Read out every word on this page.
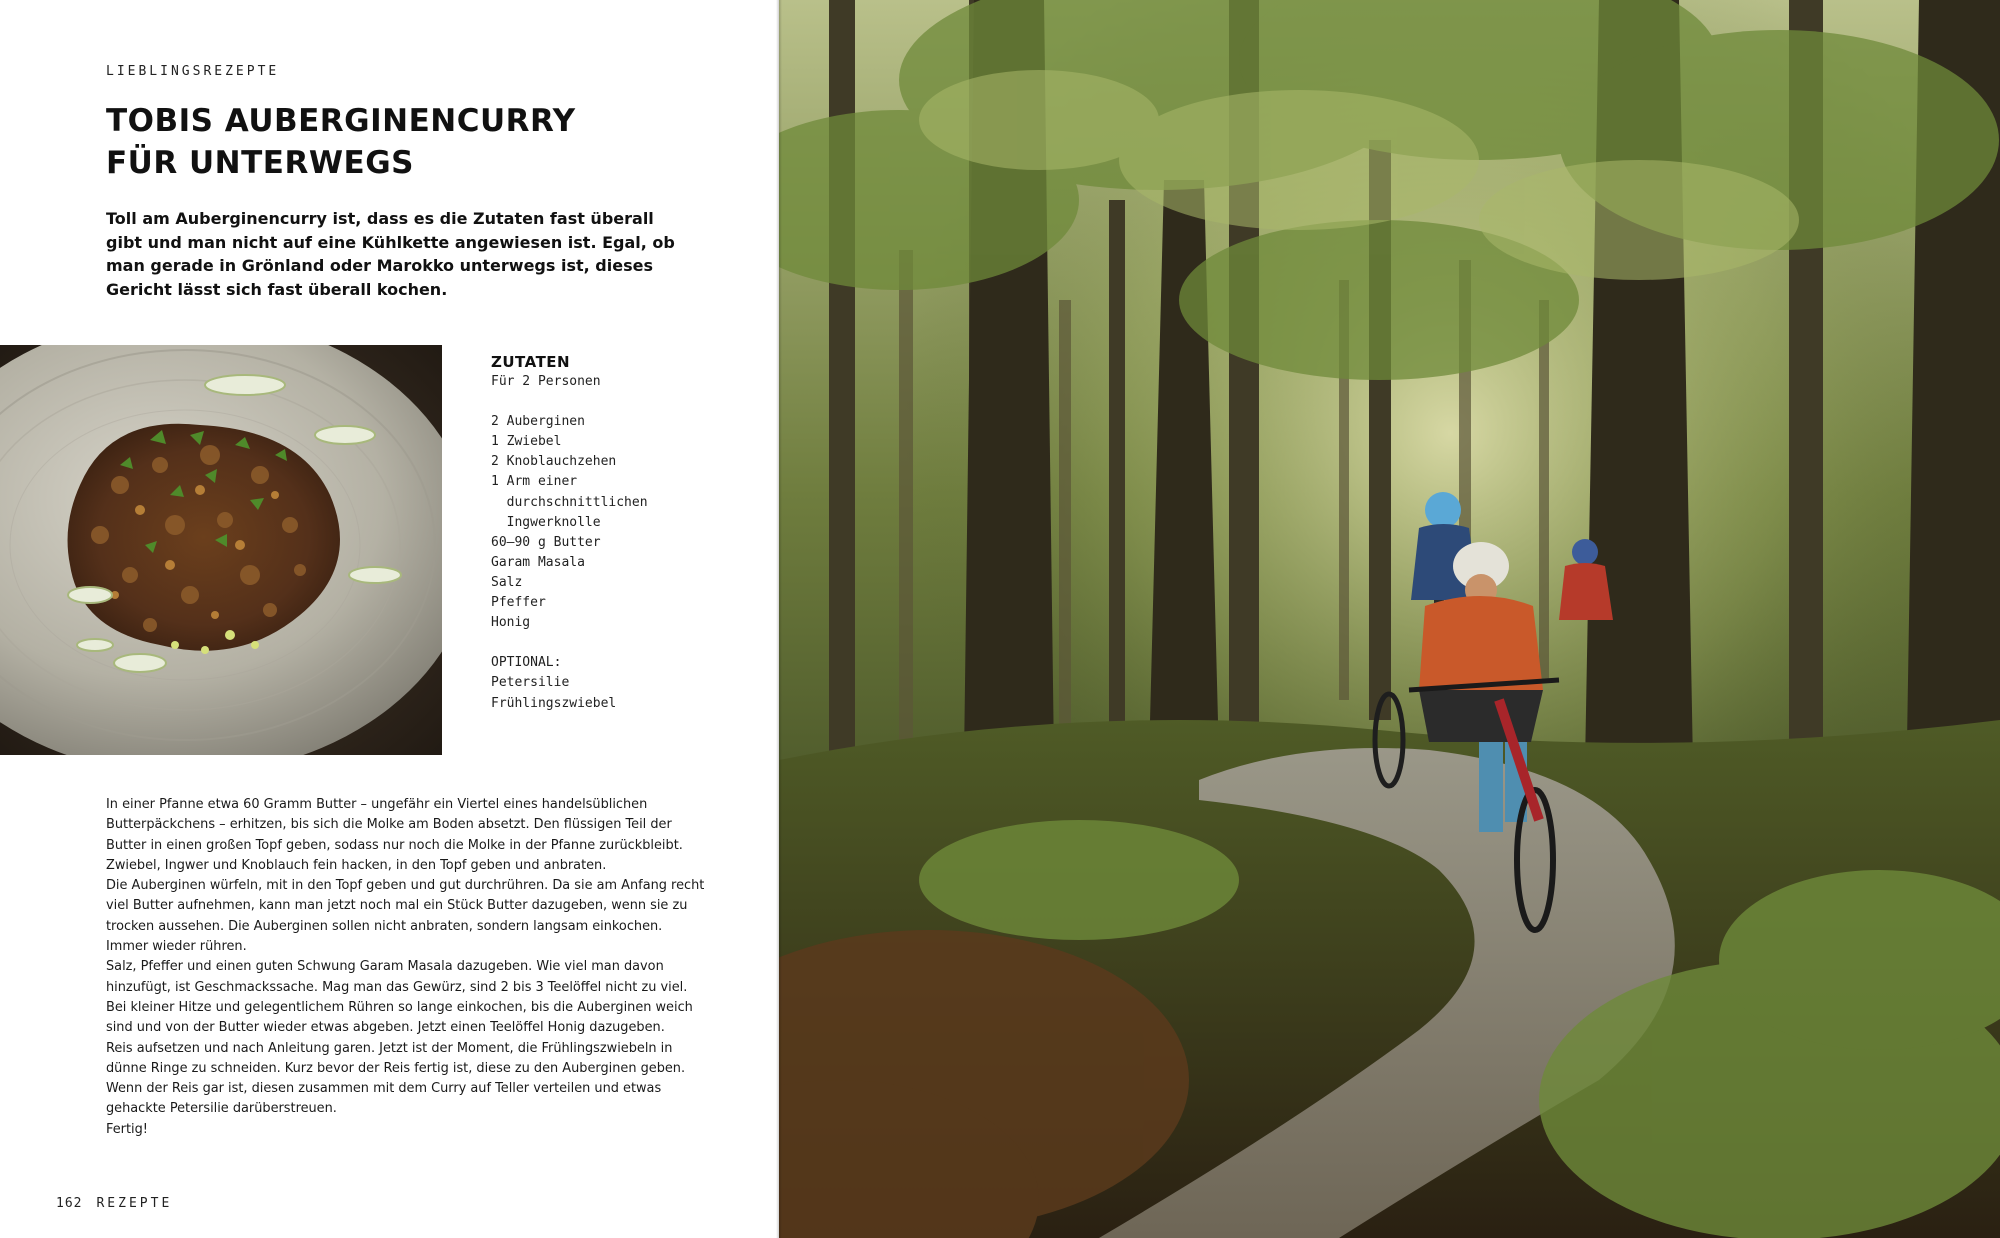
LIEBLINGSREZEPTE
TOBIS AUBERGINENCURRY
FÜR UNTERWEGS

Toll am Auberginencurry ist, dass es die Zutaten fast überall gibt und man nicht auf eine Kühlkette angewiesen ist. Egal, ob man gerade in Grönland oder Marokko unterwegs ist, dieses Gericht lässt sich fast überall kochen.

ZUTATEN
Für 2 Personen

2 Auberginen
1 Zwiebel
2 Knoblauchzehen
1 Arm einer
durchschnittlichen
Ingwerknolle
60–90 g Butter
Garam Masala
Salz
Pfeffer
Honig

OPTIONAL:
Petersilie
Frühlingszwiebel

In einer Pfanne etwa 60 Gramm Butter – ungefähr ein Viertel eines handelsüblichen Butterpäckchens – erhitzen, bis sich die Molke am Boden absetzt. Den flüssigen Teil der Butter in einen großen Topf geben, sodass nur noch die Molke in der Pfanne zurückbleibt.

Zwiebel, Ingwer und Knoblauch fein hacken, in den Topf geben und anbraten.

Die Auberginen würfeln, mit in den Topf geben und gut durchrühren. Da sie am Anfang recht viel Butter aufnehmen, kann man jetzt noch mal ein Stück Butter dazugeben, wenn sie zu trocken aussehen. Die Auberginen sollen nicht anbraten, sondern langsam einkochen. Immer wieder rühren.

Salz, Pfeffer und einen guten Schwung Garam Masala dazugeben. Wie viel man davon hinzufügt, ist Geschmackssache. Mag man das Gewürz, sind 2 bis 3 Teelöffel nicht zu viel.

Bei kleiner Hitze und gelegentlichem Rühren so lange einkochen, bis die Auberginen weich sind und von der Butter wieder etwas abgeben. Jetzt einen Teelöffel Honig dazugeben.

Reis aufsetzen und nach Anleitung garen. Jetzt ist der Moment, die Frühlingszwiebeln in dünne Ringe zu schneiden. Kurz bevor der Reis fertig ist, diese zu den Auberginen geben.

Wenn der Reis gar ist, diesen zusammen mit dem Curry auf Teller verteilen und etwas gehackte Petersilie darüberstreuen.

Fertig!

162 REZEPTE
